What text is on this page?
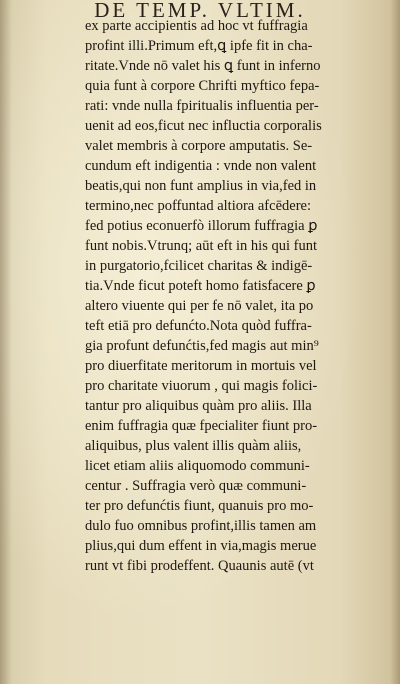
DE TEMP. VLTIM.
ex parte accipientis ad hoc vt fuffragia
profint illi.Primum eft,ꝗ ipfe fit in cha-
ritate.Vnde nō valet his ꝗ funt in inferno
quia funt à corpore Chrifti myftico fepa-
rati: vnde nulla fpiritualis influentia per-
uenit ad eos,ficut nec influctia corporalis
valet membris à corpore amputatis. Se-
cundum eft indigentia : vnde non valent
beatis,qui non funt amplius in via,fed in
termino,nec poffuntad altiora afcēdere:
fed potius econuerfò illorum fuffragia ꝑ
funt nobis.Vtrunq; aūt eft in his qui funt
in purgatorio,fcilicet charitas & indigē-
tia.Vnde ficut poteft homo fatisfacere ꝑ
altero viuente qui per fe nō valet, ita po
teft etiā pro defunćto.Nota quòd fuffra-
gia profunt defunćtis,fed magis aut min⁹
pro diuerfitate meritorum in mortuis vel
pro charitate viuorum , qui magis folici-
tantur pro aliquibus quàm pro aliis. Illa
enim fuffragia quæ fpecialiter fiunt pro-
aliquibus, plus valent illis quàm aliis,
licet etiam aliis aliquomodo communi-
centur . Suffragia verò quæ communi-
ter pro defunćtis fiunt, quanuis pro mo-
dulo fuo omnibus profint,illis tamen am
plius,qui dum effent in via,magis merue
runt vt fibi prodeffent. Quaunis autē (vt
